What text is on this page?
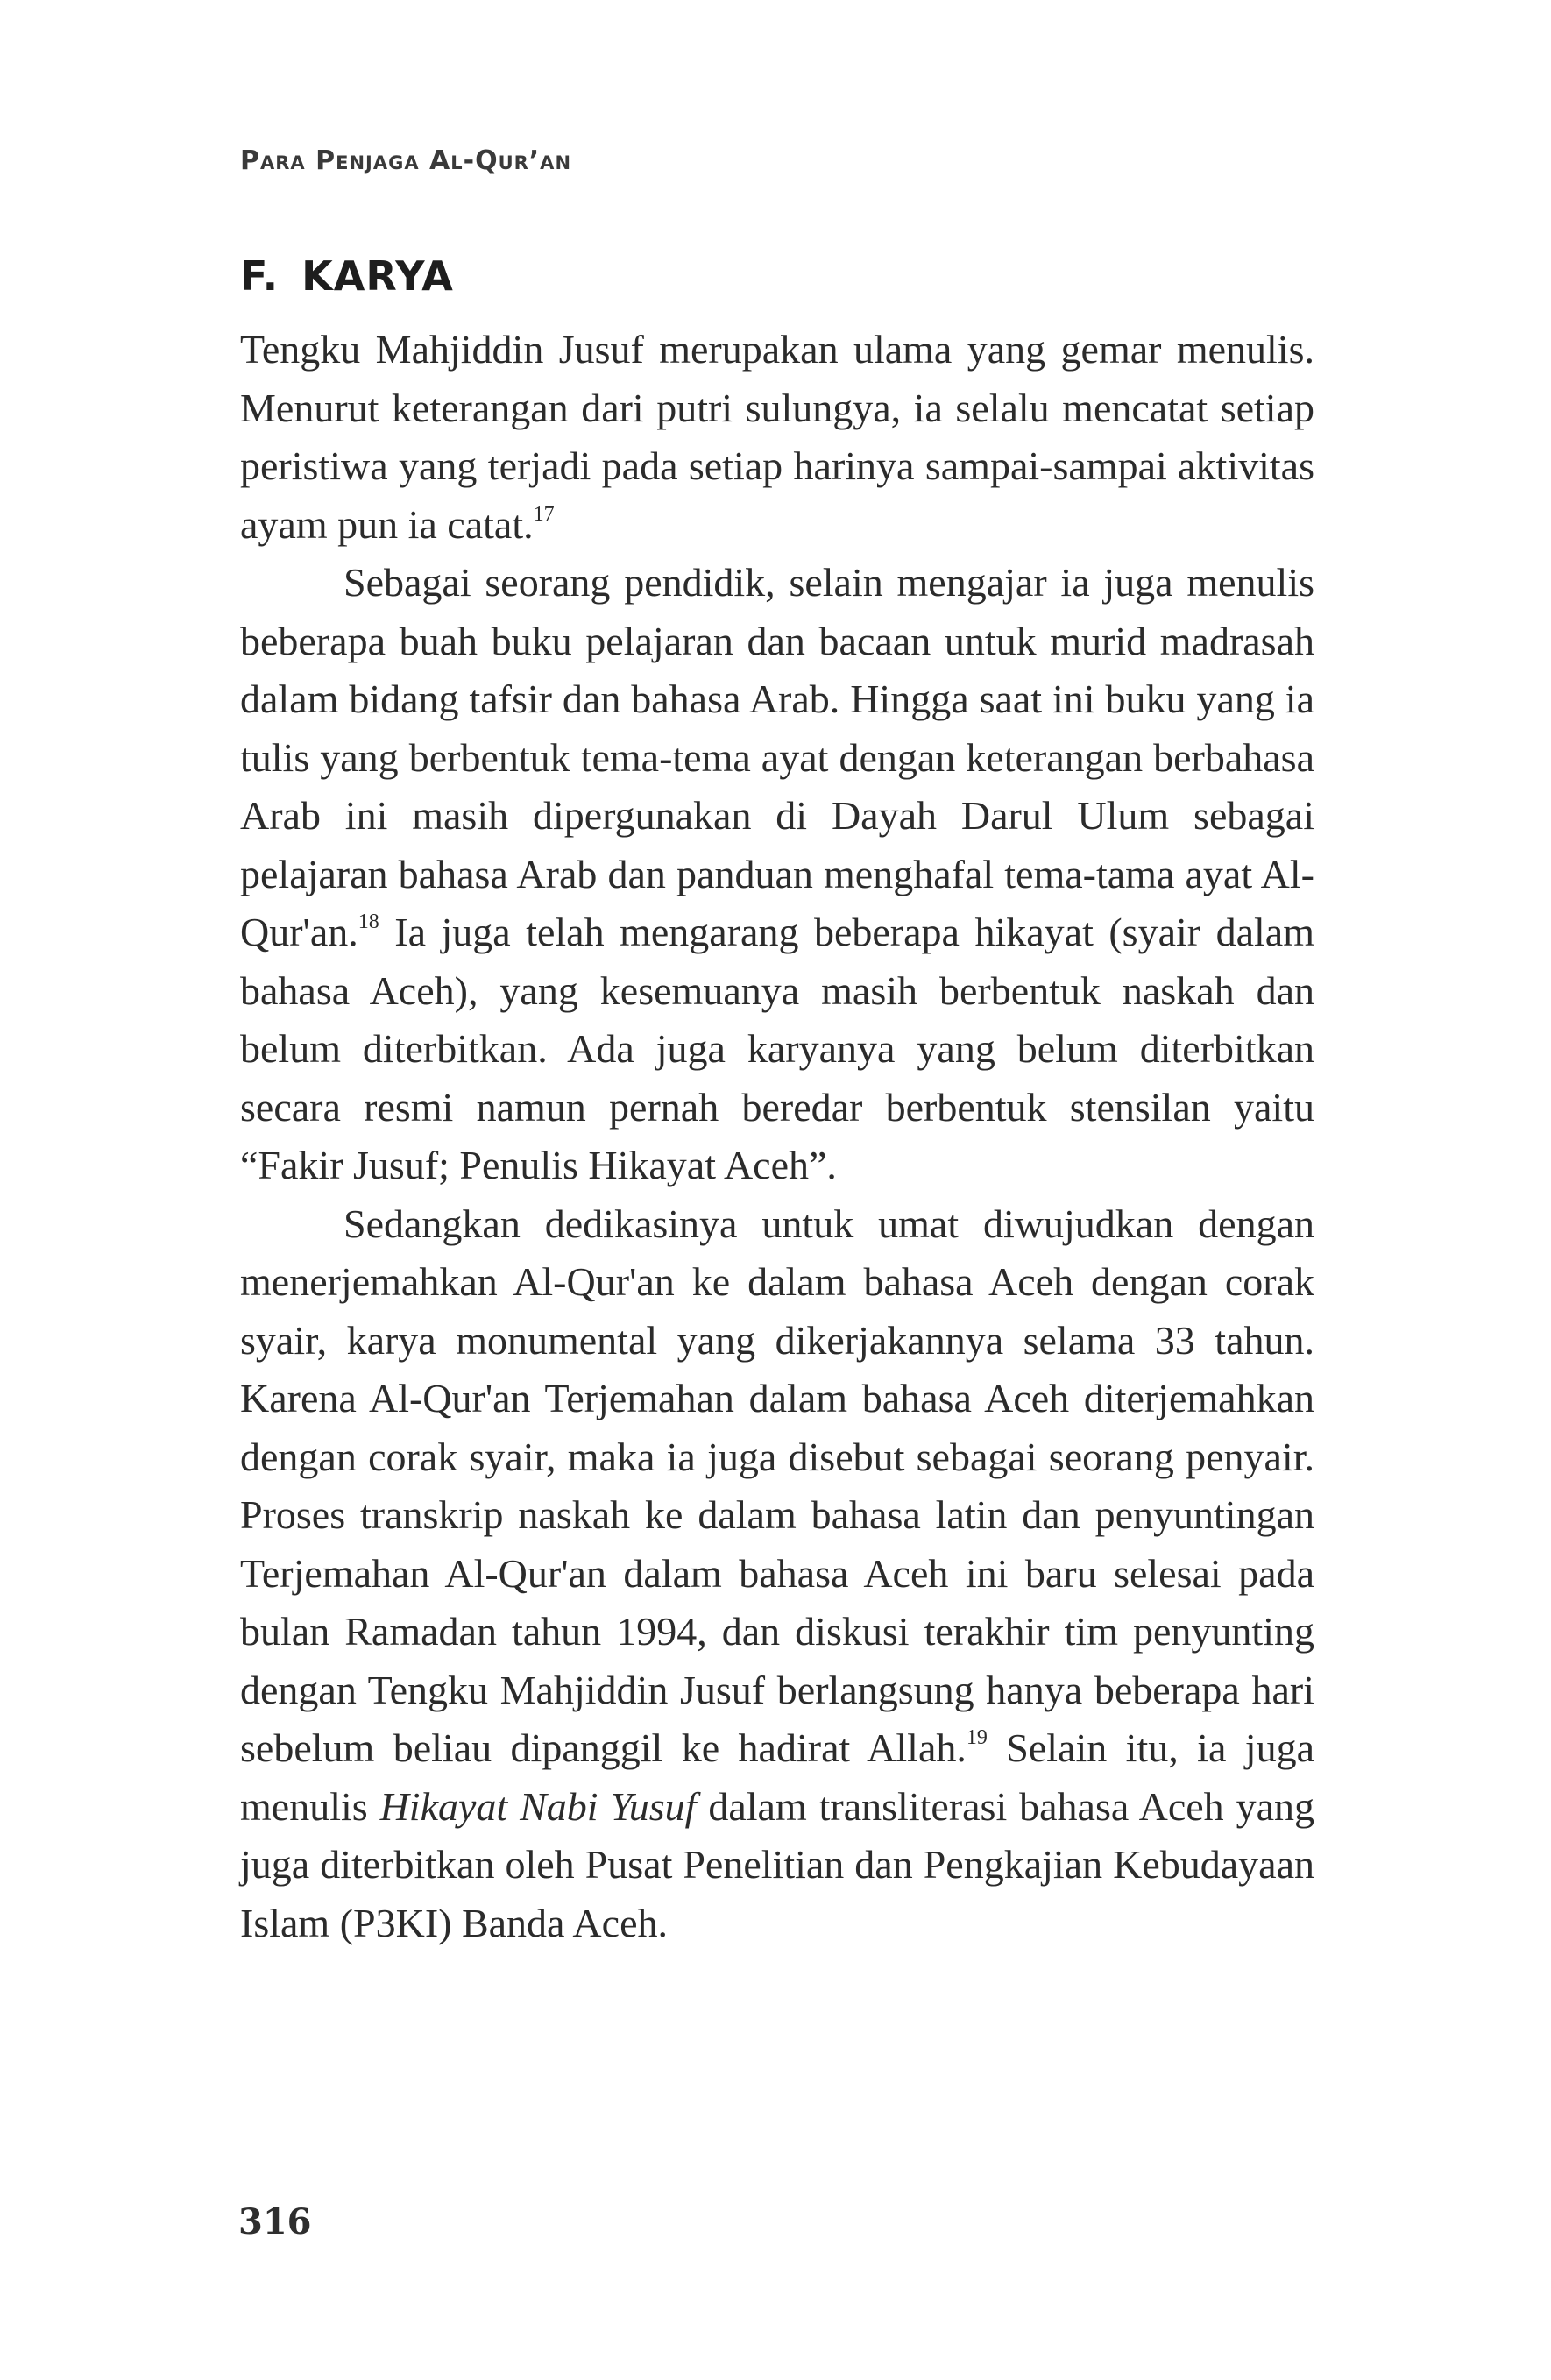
Para Penjaga Al-Qur’an
F. KARYA

Tengku Mahjiddin Jusuf merupakan ulama yang gemar menulis. Menurut keterangan dari putri sulungya, ia selalu mencatat setiap peristiwa yang terjadi pada setiap harinya sampai-sampai aktivitas ayam pun ia catat.$^{17}$

Sebagai seorang pendidik, selain mengajar ia juga menulis beberapa buah buku pelajaran dan bacaan untuk murid madrasah dalam bidang tafsir dan bahasa Arab. Hingga saat ini buku yang ia tulis yang berbentuk tema-tema ayat dengan keterangan berbahasa Arab ini masih dipergunakan di Dayah Darul Ulum sebagai pelajaran bahasa Arab dan panduan menghafal tema-tama ayat Al-Qur'an.$^{18}$ Ia juga telah mengarang beberapa hikayat (syair dalam bahasa Aceh), yang kesemuanya masih berbentuk naskah dan belum diterbitkan. Ada juga karyanya yang belum diterbitkan secara resmi namun pernah beredar berbentuk stensilan yaitu “Fakir Jusuf; Penulis Hikayat Aceh”.

Sedangkan dedikasinya untuk umat diwujudkan dengan menerjemahkan Al-Qur'an ke dalam bahasa Aceh dengan corak syair, karya monumental yang dikerjakannya selama 33 tahun. Karena Al-Qur'an Terjemahan dalam bahasa Aceh diterjemahkan dengan corak syair, maka ia juga disebut sebagai seorang penyair. Proses transkrip naskah ke dalam bahasa latin dan penyuntingan Terjemahan Al-Qur'an dalam bahasa Aceh ini baru selesai pada bulan Ramadan tahun 1994, dan diskusi terakhir tim penyunting dengan Tengku Mahjiddin Jusuf berlangsung hanya beberapa hari sebelum beliau dipanggil ke hadirat Allah.$^{19}$ Selain itu, ia juga menulis Hikayat Nabi Yusuf dalam transliterasi bahasa Aceh yang juga diterbitkan oleh Pusat Penelitian dan Pengkajian Kebudayaan Islam (P3KI) Banda Aceh.

316
